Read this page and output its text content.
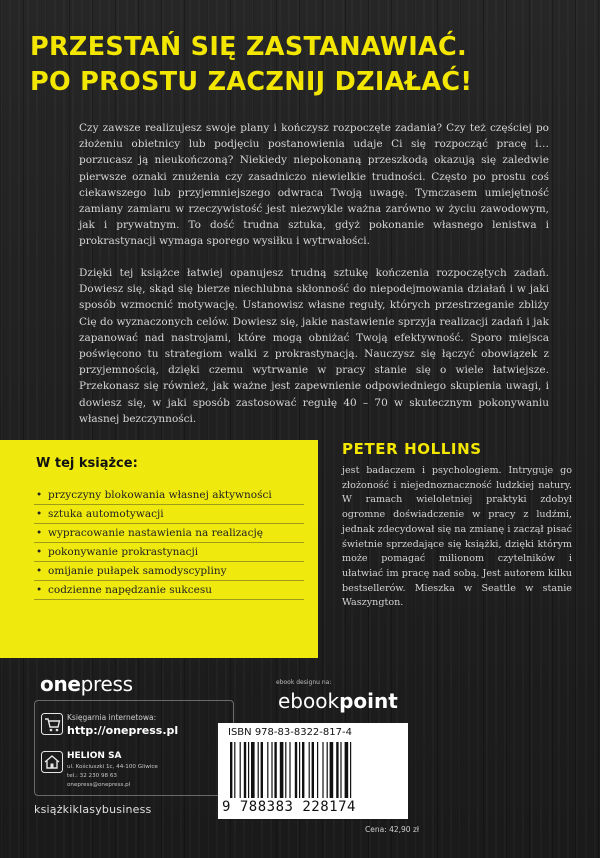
PRZESTAŃ SIĘ ZASTANAWIAĆ.
PO PROSTU ZACZNIJ DZIAŁAĆ!

Czy zawsze realizujesz swoje plany i kończysz rozpoczęte zadania? Czy też częściej po złożeniu obietnicy lub podjęciu postanowienia udaje Ci się rozpocząć pracę i… porzucasz ją nieukończoną? Niekiedy niepokonaną przeszkodą okazują się zaledwie pierwsze oznaki znużenia czy zasadniczo niewielkie trudności. Często po prostu coś ciekawszego lub przyjemniejszego odwraca Twoją uwagę. Tymczasem umiejętność zamiany zamiaru w rzeczywistość jest niezwykle ważna zarówno w życiu zawodowym, jak i prywatnym. To dość trudna sztuka, gdyż pokonanie własnego lenistwa i prokrastynacji wymaga sporego wysiłku i wytrwałości.

Dzięki tej książce łatwiej opanujesz trudną sztukę kończenia rozpoczętych zadań. Dowiesz się, skąd się bierze niechlubna skłonność do niepodejmowania działań i w jaki sposób wzmocnić motywację. Ustanowisz własne reguły, których przestrzeganie zbliży Cię do wyznaczonych celów. Dowiesz się, jakie nastawienie sprzyja realizacji zadań i jak zapanować nad nastrojami, które mogą obniżać Twoją efektywność. Sporo miejsca poświęcono tu strategiom walki z prokrastynacją. Nauczysz się łączyć obowiązek z przyjemnością, dzięki czemu wytrwanie w pracy stanie się o wiele łatwiejsze. Przekonasz się również, jak ważne jest zapewnienie odpowiedniego skupienia uwagi, i dowiesz się, w jaki sposób zastosować regułę 40 – 70 w skutecznym pokonywaniu własnej bezczynności.

W tej książce:
• przyczyny blokowania własnej aktywności
• sztuka automotywacji
• wypracowanie nastawienia na realizację
• pokonywanie prokrastynacji
• omijanie pułapek samodyscypliny
• codzienne napędzanie sukcesu
PETER HOLLINS

jest badaczem i psychologiem. Intryguje go złożoność i niejednoznaczność ludzkiej natury. W ramach wieloletniej praktyki zdobył ogromne doświadczenie w pracy z ludźmi, jednak zdecydował się na zmianę i zaczął pisać świetnie sprzedające się książki, dzięki którym może pomagać milionom czytelników i ułatwiać im pracę nad sobą. Jest autorem kilku bestsellerów. Mieszka w Seattle w stanie Waszyngton.

onepress

Księgarnia internetowa:

http://onepress.pl

HELION SA

ul. Kościuszki 1c, 44-100 Gliwice

tel.: 32 230 98 63

onepress@onepress.pl

książkiklasybusiness

ebook designu na:

ebookpoint

ISBN 978-83-8322-817-4

9 788383 228174

Cena: 42,90 zł
